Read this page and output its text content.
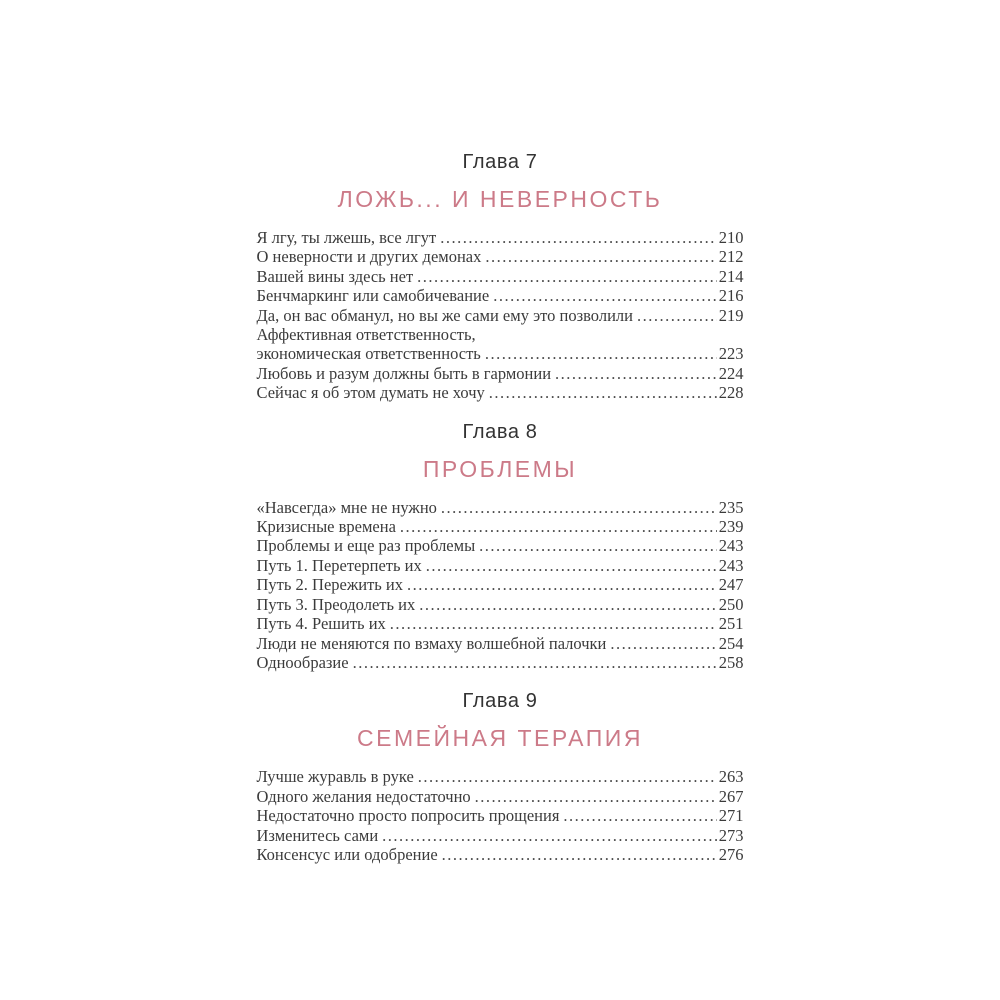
Глава 7
ЛОЖЬ... И НЕВЕРНОСТЬ
Я лгу, ты лжешь, все лгут .....	210
О неверности и других демонах .....	212
Вашей вины здесь нет .....	214
Бенчмаркинг или самобичевание .....	216
Да, он вас обманул, но вы же сами ему это позволили .....	219
Аффективная ответственность,
экономическая ответственность .....	223
Любовь и разум должны быть в гармонии .....	224
Сейчас я об этом думать не хочу .....	228
Глава 8
ПРОБЛЕМЫ
«Навсегда» мне не нужно .....	235
Кризисные времена .....	239
Проблемы и еще раз проблемы .....	243
Путь 1. Перетерпеть их .....	243
Путь 2. Пережить их .....	247
Путь 3. Преодолеть их .....	250
Путь 4. Решить их .....	251
Люди не меняются по взмаху волшебной палочки .....	254
Однообразие .....	258
Глава 9
СЕМЕЙНАЯ ТЕРАПИЯ
Лучше журавль в руке .....	263
Одного желания недостаточно .....	267
Недостаточно просто попросить прощения .....	271
Изменитесь сами .....	273
Консенсус или одобрение .....	276
